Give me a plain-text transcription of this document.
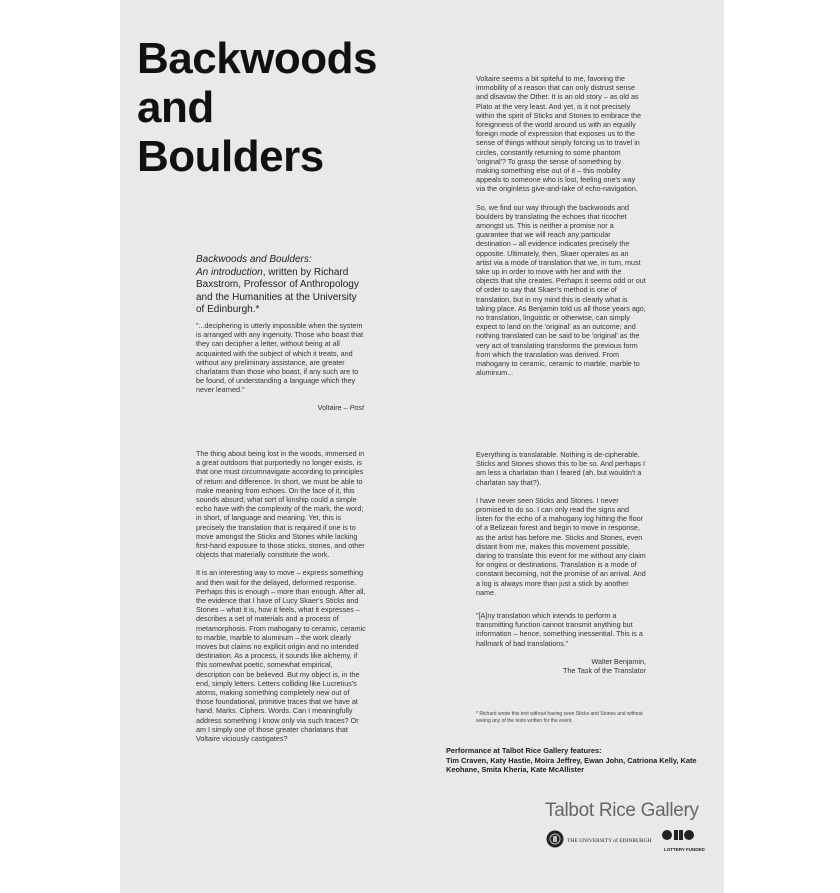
Backwoods
and
Boulders
Backwoods and Boulders:
An introduction, written by Richard Baxstrom, Professor of Anthropology and the Humanities at the University of Edinburgh.*
"...deciphering is utterly impossible when the system is arranged with any ingenuity. Those who boast that they can decipher a letter, without being at all acquainted with the subject of which it treats, and without any preliminary assistance, are greater charlatans than those who boast, if any such are to be found, of understanding a language which they never learned."
Voltaire – Post

The thing about being lost in the woods, immersed in a great outdoors that purportedly no longer exists, is that one must circumnavigate according to principles of return and difference. In short, we must be able to make meaning from echoes. On the face of it, this sounds absurd; what sort of kinship could a simple echo have with the complexity of the mark, the word; in short, of language and meaning. Yet, this is precisely the translation that is required if one is to move amongst the Sticks and Stones while lacking first-hand exposure to those sticks, stones, and other objects that materially constitute the work.

It is an interesting way to move – express something and then wait for the delayed, deformed response. Perhaps this is enough – more than enough. After all, the evidence that I have of Lucy Skaer's Sticks and Stones – what it is, how it feels, what it expresses – describes a set of materials and a process of metamorphosis. From mahogany to ceramic, ceramic to marble, marble to aluminum – the work clearly moves but claims no explicit origin and no intended destination. As a process, it sounds like alchemy, if this somewhat poetic, somewhat empirical, description can be believed. But my object is, in the end, simply letters. Letters colliding like Lucretius's atoms, making something completely new out of those foundational, primitive traces that we have at hand. Marks. Ciphers. Words. Can I meaningfully address something I know only via such traces? Or am I simply one of those greater charlatans that Voltaire viciously castigates?

Voltaire seems a bit spiteful to me, favoring the immobility of a reason that can only distrust sense and disavow the Other. It is an old story – as old as Plato at the very least. And yet, is it not precisely within the spirit of Sticks and Stones to embrace the foreignness of the world around us with an equally foreign mode of expression that exposes us to the sense of things without simply forcing us to travel in circles, constantly returning to some phantom 'original'? To grasp the sense of something by making something else out of it – this mobility appeals to someone who is lost, feeling one's way via the originless give-and-take of echo-navigation.

So, we find our way through the backwoods and boulders by translating the echoes that ricochet amongst us. This is neither a promise nor a guarantee that we will reach any particular destination – all evidence indicates precisely the opposite. Ultimately, then, Skaer operates as an artist via a mode of translation that we, in turn, must take up in order to move with her and with the objects that she creates. Perhaps it seems odd or out of order to say that Skaer's method is one of translation, but in my mind this is clearly what is taking place. As Benjamin told us all those years ago, no translation, linguistic or otherwise, can simply expect to land on the 'original' as an outcome; and nothing translated can be said to be 'original' as the very act of translating transforms the previous form from which the translation was derived. From mahogany to ceramic, ceramic to marble, marble to aluminum...

Everything is translatable. Nothing is de-cipherable. Sticks and Stones shows this to be so. And perhaps I am less a charlatan than I feared (ah, but wouldn't a charlatan say that?).

I have never seen Sticks and Stones. I never promised to do so. I can only read the signs and listen for the echo of a mahogany log hitting the floor of a Belizean forest and begin to move in response, as the artist has before me. Sticks and Stones, even distant from me, makes this movement possible, daring to translate this event for me without any claim for origins or destinations. Translation is a mode of constant becoming, not the promise of an arrival. And a log is always more than just a stick by another name.

"[A]ny translation which intends to perform a transmitting function cannot transmit anything but information – hence, something inessential. This is a hallmark of bad translations."

Walter Benjamin,
The Task of the Translator
* Richard wrote this text without having seen Sticks and Stones and without seeing any of the texts written for the event.
Performance at Talbot Rice Gallery features:
Tim Craven, Katy Hastie, Moira Jeffrey, Ewan John, Catriona Kelly, Kate Keohane, Smita Kheria, Kate McAllister
Talbot Rice Gallery
THE UNIVERSITY of EDINBURGH
LOTTERY FUNDED
